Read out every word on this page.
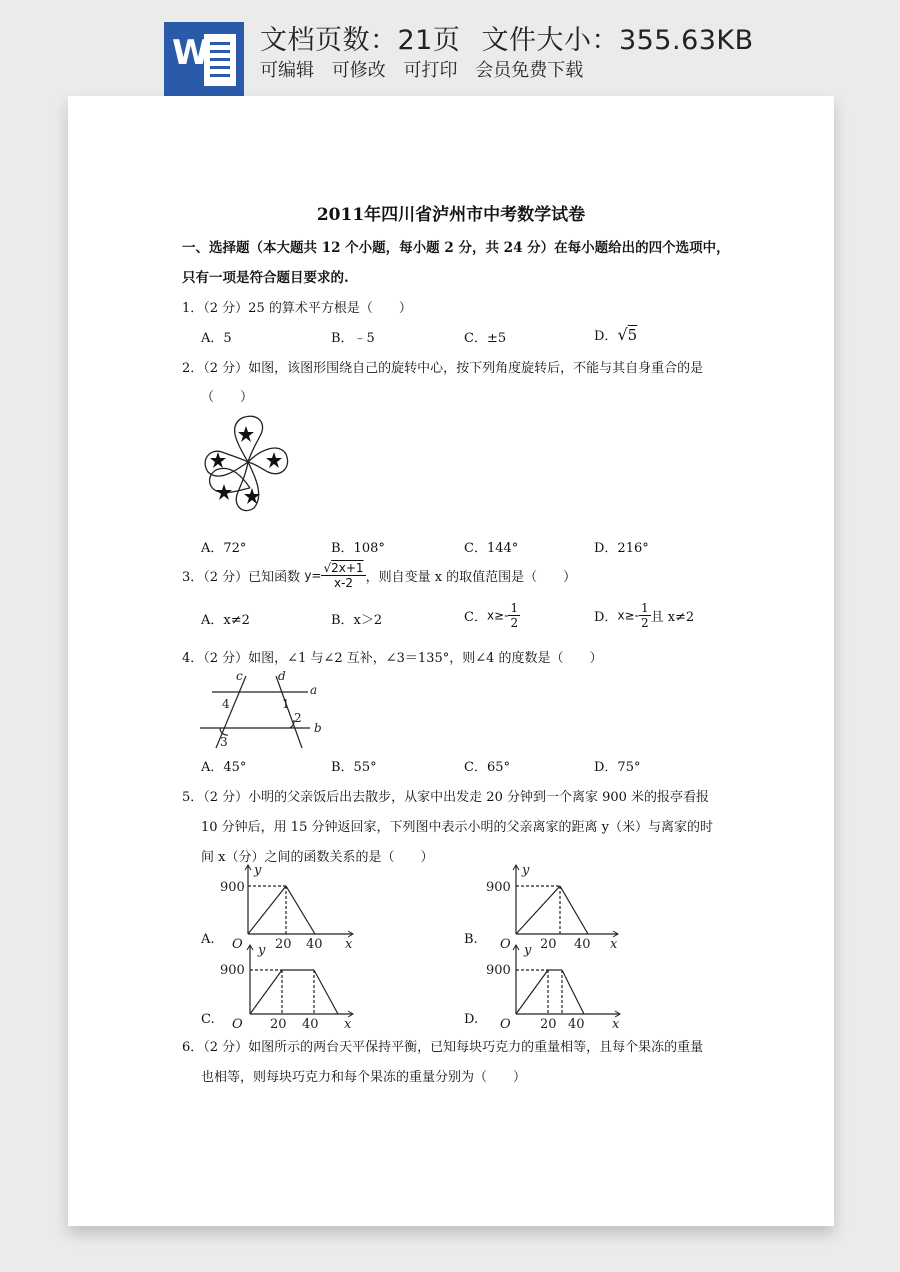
W 文档页数：21页 文件大小：355.63KB
可编辑 可修改 可打印 会员免费下载
2011年四川省泸州市中考数学试卷
一、选择题（本大题共 12 个小题，每小题 2 分，共 24 分）在每小题给出的四个选项中，
只有一项是符合题目要求的.
1．（2 分）25 的算术平方根是（　　）
A．5	B．﹣5	C．±5	D．√5
2．（2 分）如图，该图形围绕自己的旋转中心，按下列角度旋转后，不能与其自身重合的是
（　　）
A．72°	B．108°	C．144°	D．216°
3．（2 分）已知函数 $y= \frac{√2x+1}{x-2}$ ，则自变量 x 的取值范围是（　　）
A．x≠2	B．x＞2	C．$x\ge- \frac{1}{2}$	D．$x\ge- \frac{1}{2}$ 且 x≠2
4．（2 分）如图，∠1 与∠2 互补，∠3＝135°，则∠4 的度数是（　　）
c	d
a
b
1
2
3
4
A．45°	B．55°	C．65°	D．75°
5．（2 分）小明的父亲饭后出去散步，从家中出发走 20 分钟到一个离家 900 米的报亭看报
10 分钟后，用 15 分钟返回家，下列图中表示小明的父亲离家的距离 y（米）与离家的时
间 x（分）之间的函数关系的是（　　）
A.	B.
C.	D.
y
900
O 20 40 x
y
900
O 20 40 x
y
900
O 20 40 x
y
900
O 20 40 x
6．（2 分）如图所示的两台天平保持平衡，已知每块巧克力的重量相等，且每个果冻的重量
也相等，则每块巧克力和每个果冻的重量分别为（　　）
